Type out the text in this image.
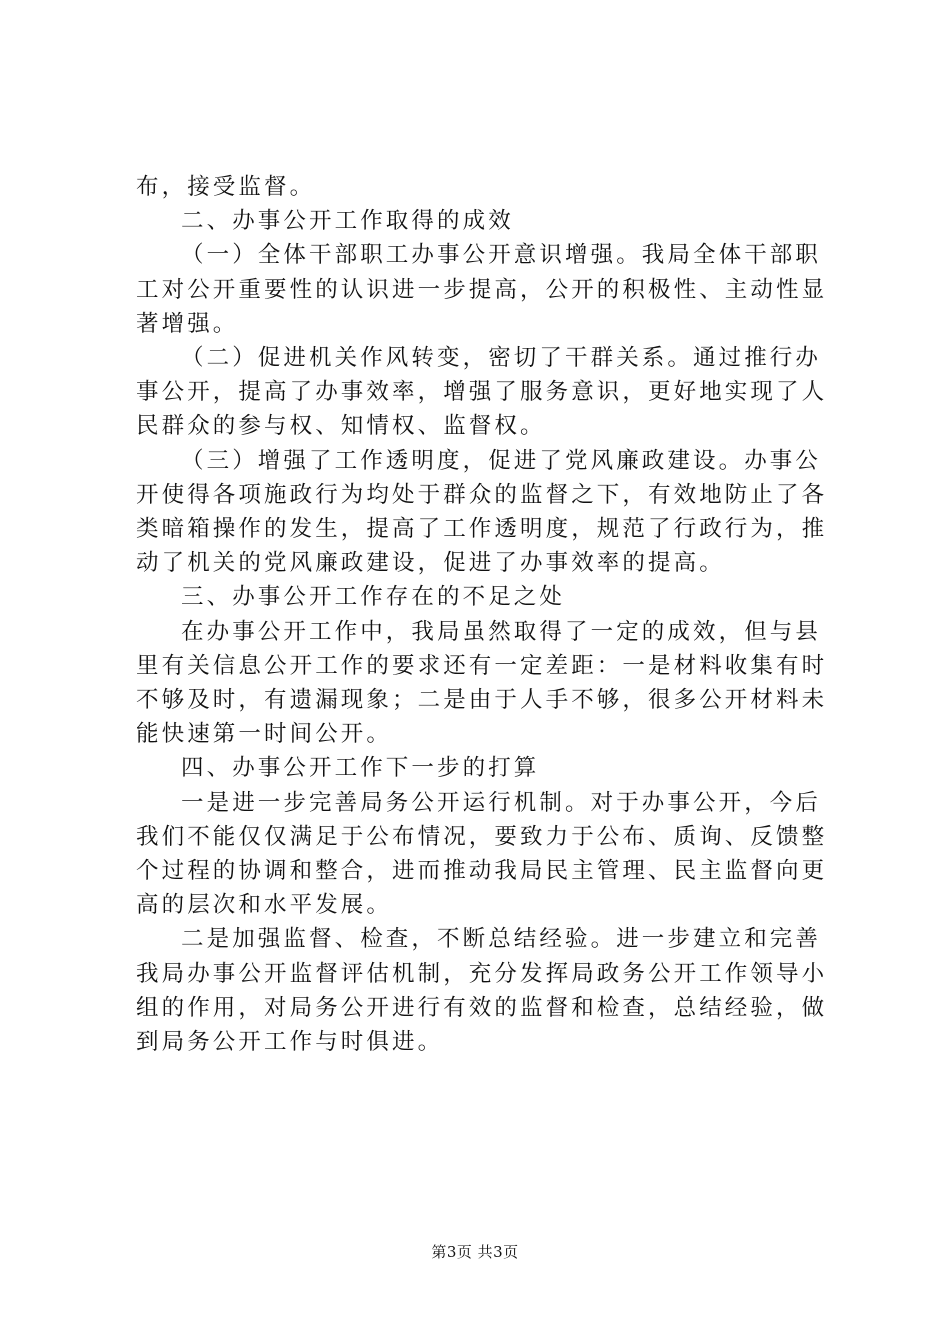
布，接受监督。
二、办事公开工作取得的成效
（一）全体干部职工办事公开意识增强。我局全体干部职
工对公开重要性的认识进一步提高，公开的积极性、主动性显
著增强。
（二）促进机关作风转变，密切了干群关系。通过推行办
事公开，提高了办事效率，增强了服务意识，更好地实现了人
民群众的参与权、知情权、监督权。
（三）增强了工作透明度，促进了党风廉政建设。办事公
开使得各项施政行为均处于群众的监督之下，有效地防止了各
类暗箱操作的发生，提高了工作透明度，规范了行政行为，推
动了机关的党风廉政建设，促进了办事效率的提高。
三、办事公开工作存在的不足之处
在办事公开工作中，我局虽然取得了一定的成效，但与县
里有关信息公开工作的要求还有一定差距：一是材料收集有时
不够及时，有遗漏现象；二是由于人手不够，很多公开材料未
能快速第一时间公开。
四、办事公开工作下一步的打算
一是进一步完善局务公开运行机制。对于办事公开，今后
我们不能仅仅满足于公布情况，要致力于公布、质询、反馈整
个过程的协调和整合，进而推动我局民主管理、民主监督向更
高的层次和水平发展。
二是加强监督、检查，不断总结经验。进一步建立和完善
我局办事公开监督评估机制，充分发挥局政务公开工作领导小
组的作用，对局务公开进行有效的监督和检查，总结经验，做
到局务公开工作与时俱进。
第3页 共3页
